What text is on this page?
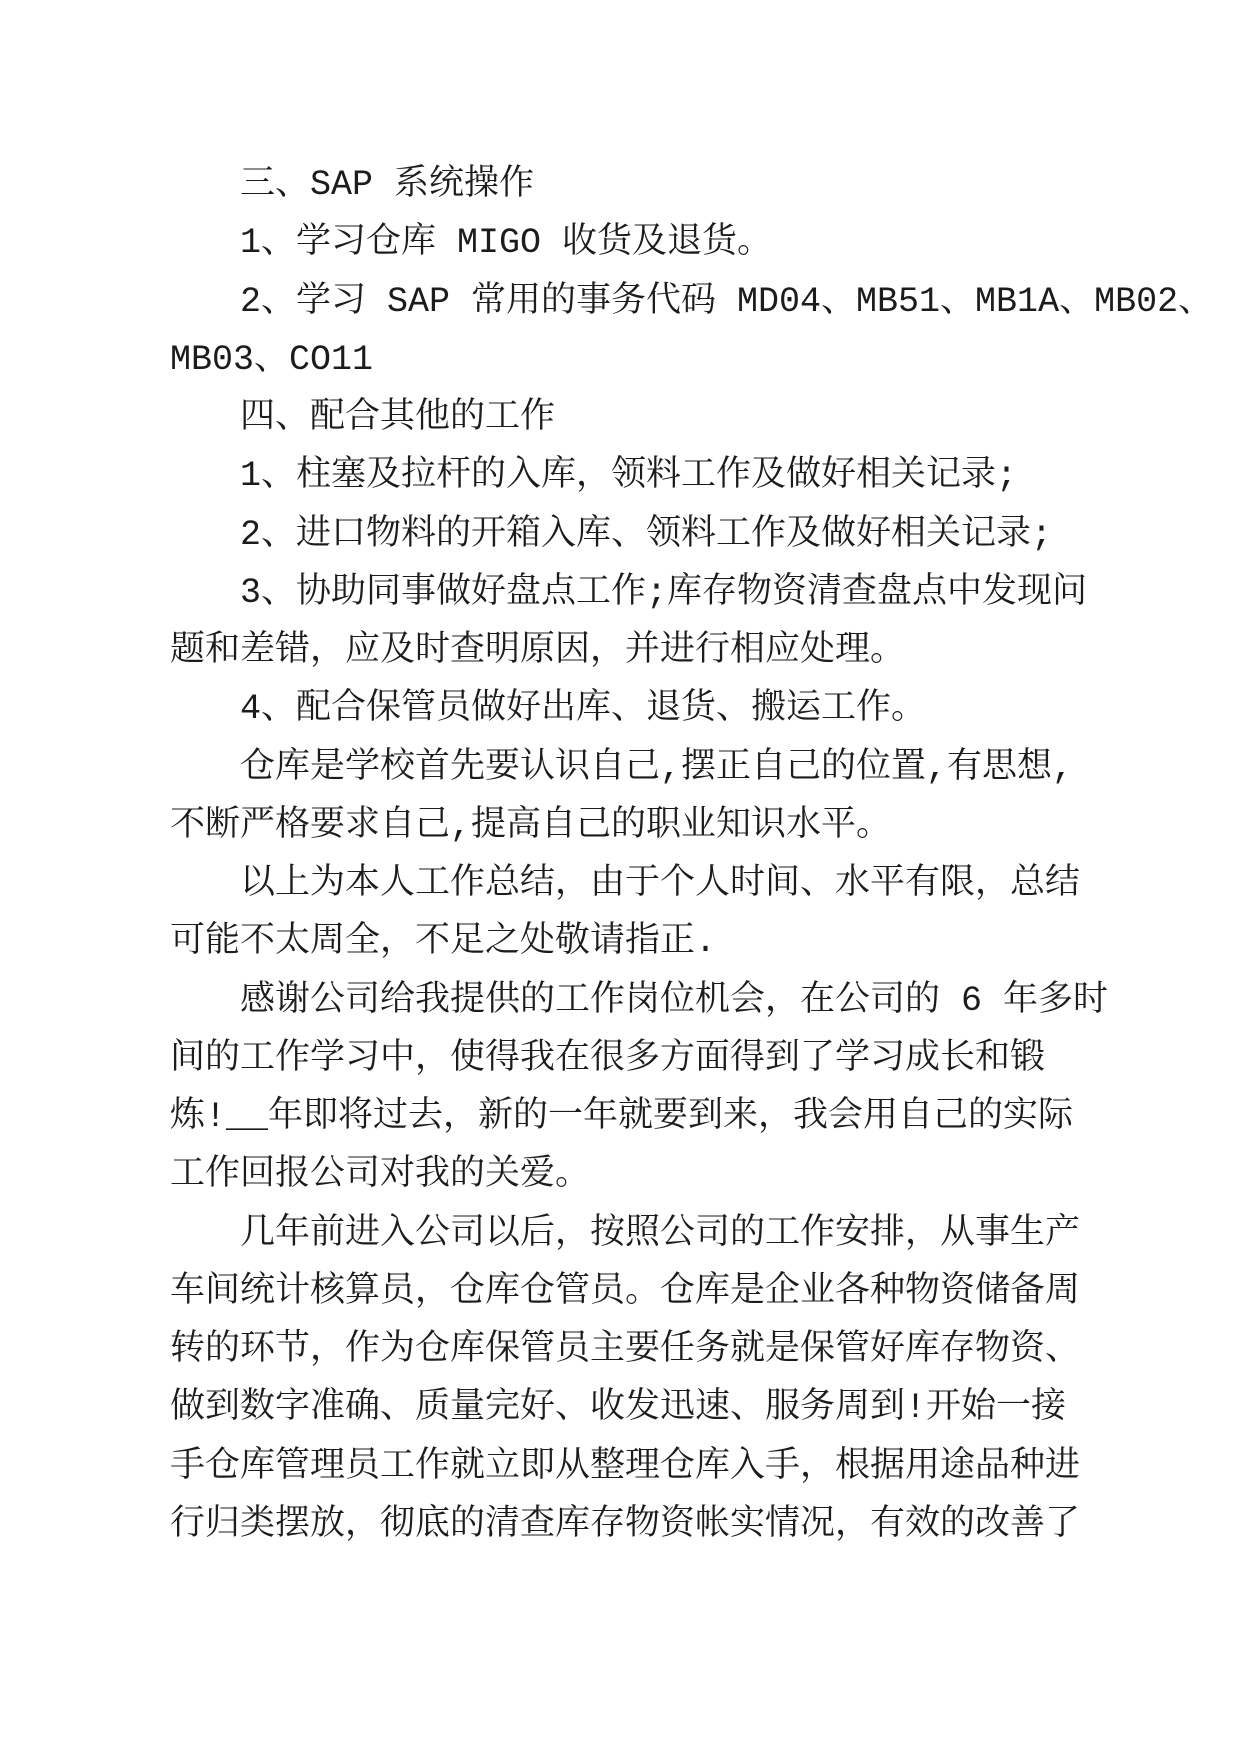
三、SAP 系统操作
1、学习仓库 MIGO 收货及退货。
2、学习 SAP 常用的事务代码 MD04、MB51、MB1A、MB02、
MB03、CO11
四、配合其他的工作
1、柱塞及拉杆的入库，领料工作及做好相关记录;
2、进口物料的开箱入库、领料工作及做好相关记录;
3、协助同事做好盘点工作;库存物资清查盘点中发现问
题和差错，应及时查明原因，并进行相应处理。
4、配合保管员做好出库、退货、搬运工作。
仓库是学校首先要认识自己,摆正自己的位置,有思想,
不断严格要求自己,提高自己的职业知识水平。
以上为本人工作总结，由于个人时间、水平有限，总结
可能不太周全，不足之处敬请指正.
感谢公司给我提供的工作岗位机会，在公司的 6 年多时
间的工作学习中，使得我在很多方面得到了学习成长和锻
炼!__年即将过去，新的一年就要到来，我会用自己的实际
工作回报公司对我的关爱。
几年前进入公司以后，按照公司的工作安排，从事生产
车间统计核算员，仓库仓管员。仓库是企业各种物资储备周
转的环节，作为仓库保管员主要任务就是保管好库存物资、
做到数字准确、质量完好、收发迅速、服务周到!开始一接
手仓库管理员工作就立即从整理仓库入手，根据用途品种进
行归类摆放，彻底的清查库存物资帐实情况，有效的改善了
